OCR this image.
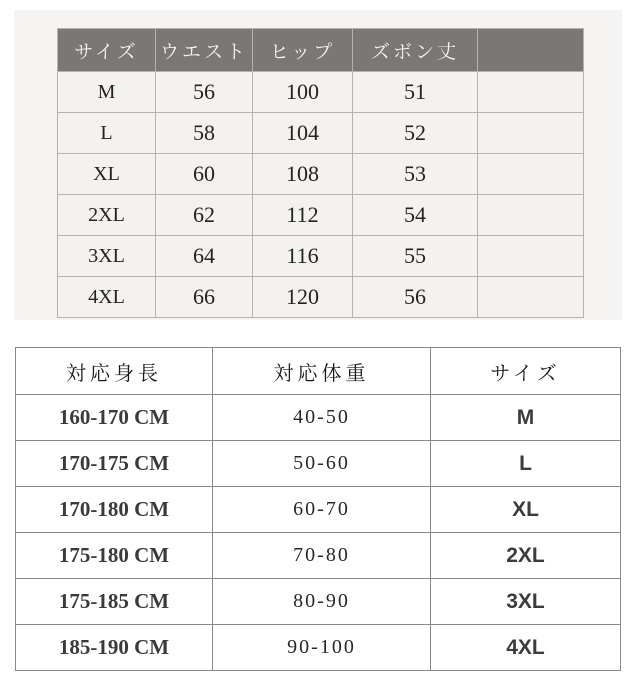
サイズ	ウエスト	ヒップ	ズボン丈	
M	56	100	51	
L	58	104	52	
XL	60	108	53	
2XL	62	112	54	
3XL	64	116	55	
4XL	66	120	56	
対応身長	対応体重	サイズ
160-170 CM	40-50	M
170-175 CM	50-60	L
170-180 CM	60-70	XL
175-180 CM	70-80	2XL
175-185 CM	80-90	3XL
185-190 CM	90-100	4XL
